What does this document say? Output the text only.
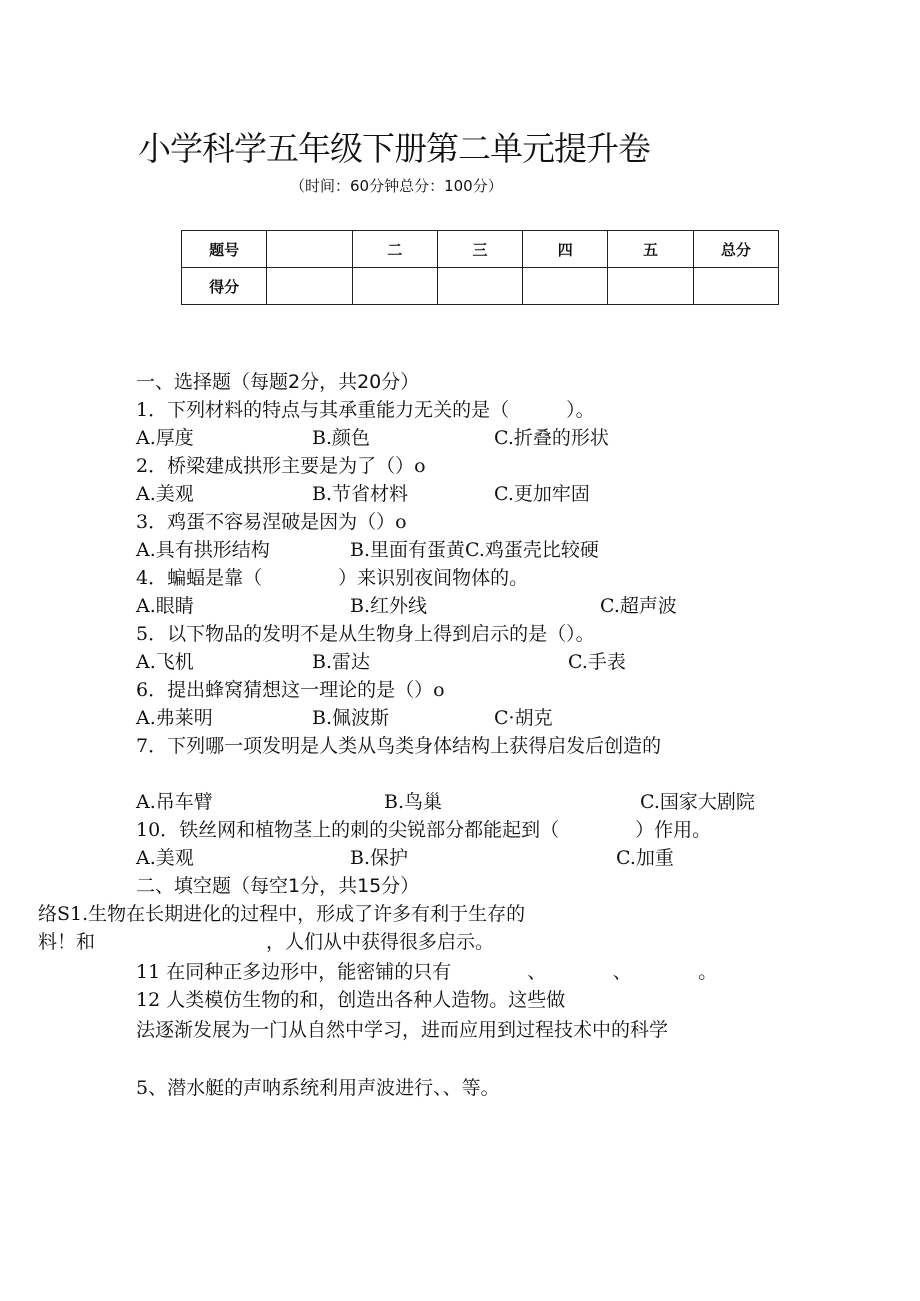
小学科学五年级下册第二单元提升卷
（时间：60分钟总分：100分）
题号		二	三	四	五	总分
得分						
一、选择题（每题2分，共20分）
1．下列材料的特点与其承重能力无关的是（　　　）。
A.厚度	B.颜色	C.折叠的形状
2．桥梁建成拱形主要是为了（）o
A.美观	B.节省材料	C.更加牢固
3．鸡蛋不容易涅破是因为（）o
A.具有拱形结构	B.里面有蛋黄C.鸡蛋壳比较硬
4．蝙蝠是靠（　　　　）来识别夜间物体的。
A.眼睛	B.红外线	C.超声波
5．以下物品的发明不是从生物身上得到启示的是（）。
A.飞机	B.雷达	C.手表
6．提出蜂窝猜想这一理论的是（）o
A.弗莱明	B.佩波斯	C·胡克
7．下列哪一项发明是人类从鸟类身体结构上获得启发后创造的
A.吊车臂	B.鸟巢	C.国家大剧院
10．铁丝网和植物茎上的刺的尖锐部分都能起到（　　　　）作用。
A.美观	B.保护	C.加重
二、填空题（每空1分，共15分）
络S1.生物在长期进化的过程中，形成了许多有利于生存的
料！和　　　　　　　　　，人们从中获得很多启示。
11 在同种正多边形中，能密铺的只有　　　　、　　　　、　　　　。
12 人类模仿生物的和，创造出各种人造物。这些做
法逐渐发展为一门从自然中学习，进而应用到过程技术中的科学
5、潜水艇的声呐系统利用声波进行、、等。
